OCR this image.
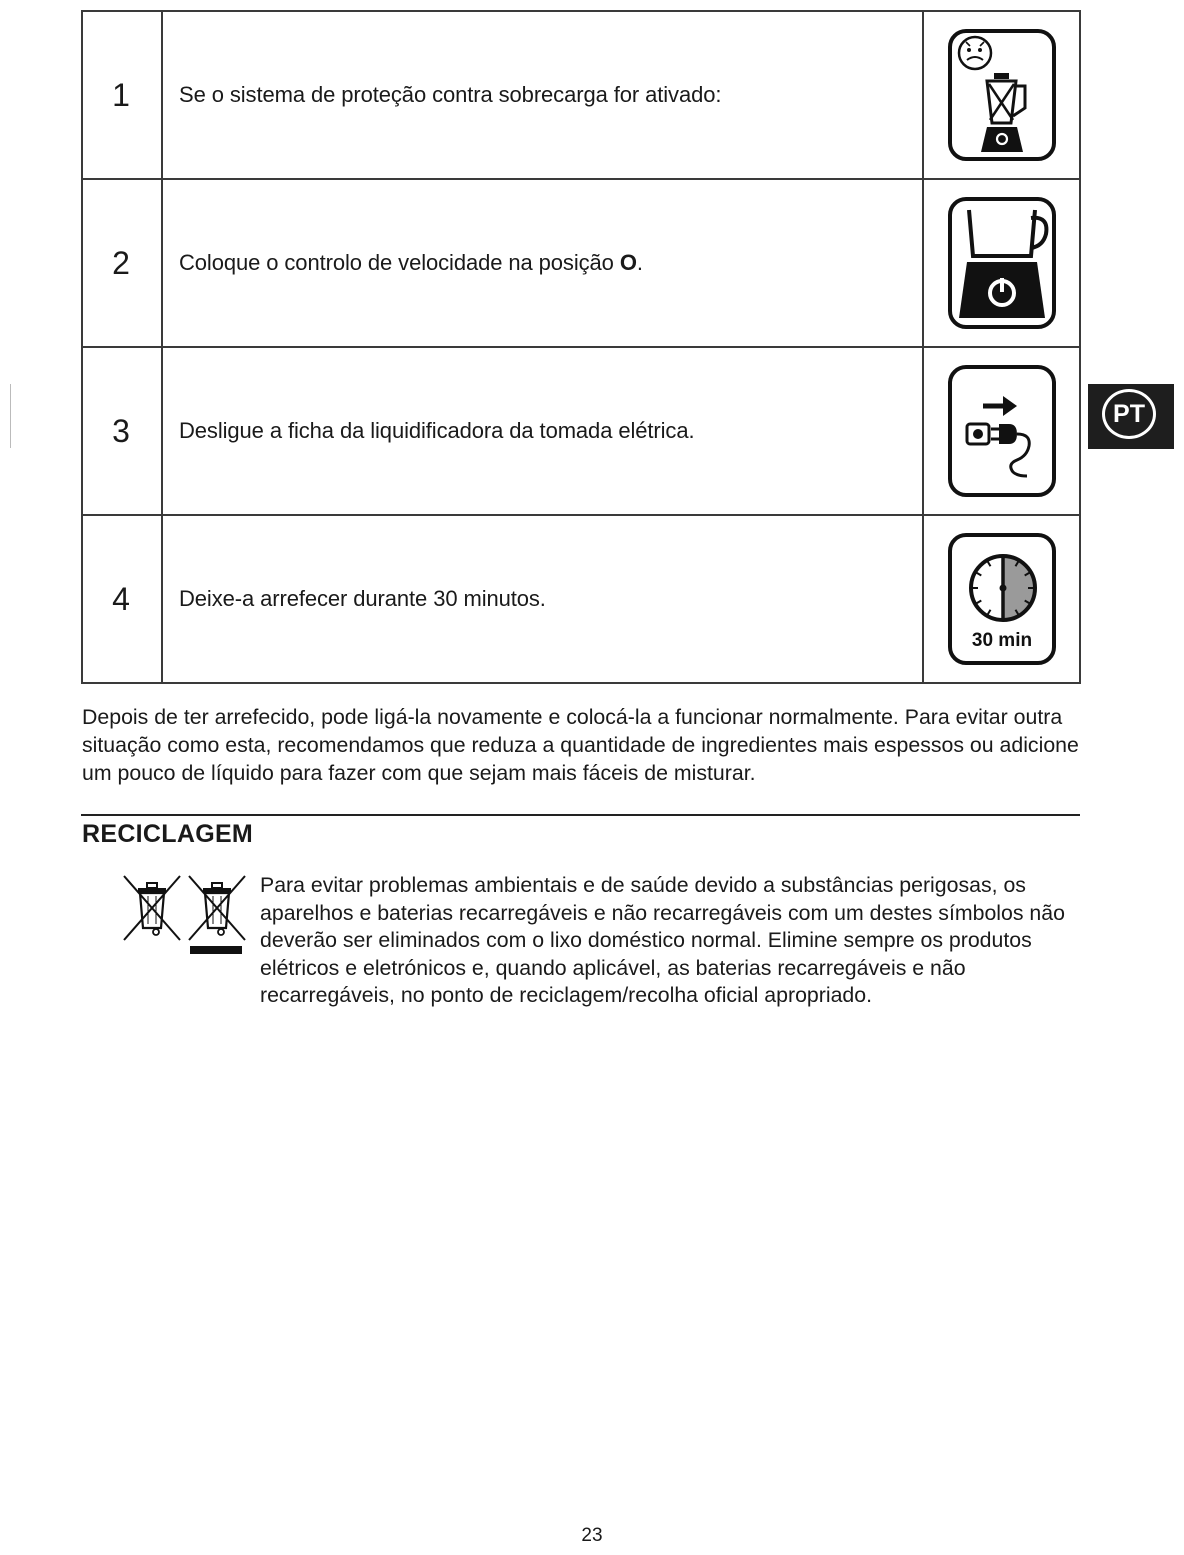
1	Se o sistema de proteção contra sobrecarga for ativado:	

2	Coloque o controlo de velocidade na posição O.	

3	Desligue a ficha da liquidificadora da tomada elétrica.	

4	Deixe-a arrefecer durante 30 minutos.	30 min

Depois de ter arrefecido, pode ligá-la novamente e colocá-la a funcionar normalmente. Para evitar outra situação como esta, recomendamos que reduza a quantidade de ingredientes mais espessos ou adicione um pouco de líquido para fazer com que sejam mais fáceis de misturar.

RECICLAGEM

Para evitar problemas ambientais e de saúde devido a substâncias perigosas, os aparelhos e baterias recarregáveis e não recarregáveis com um destes símbolos não deverão ser eliminados com o lixo doméstico normal. Elimine sempre os produtos elétricos e eletrónicos e, quando aplicável, as baterias recarregáveis e não recarregáveis, no ponto de reciclagem/recolha oficial apropriado.

PT
23
